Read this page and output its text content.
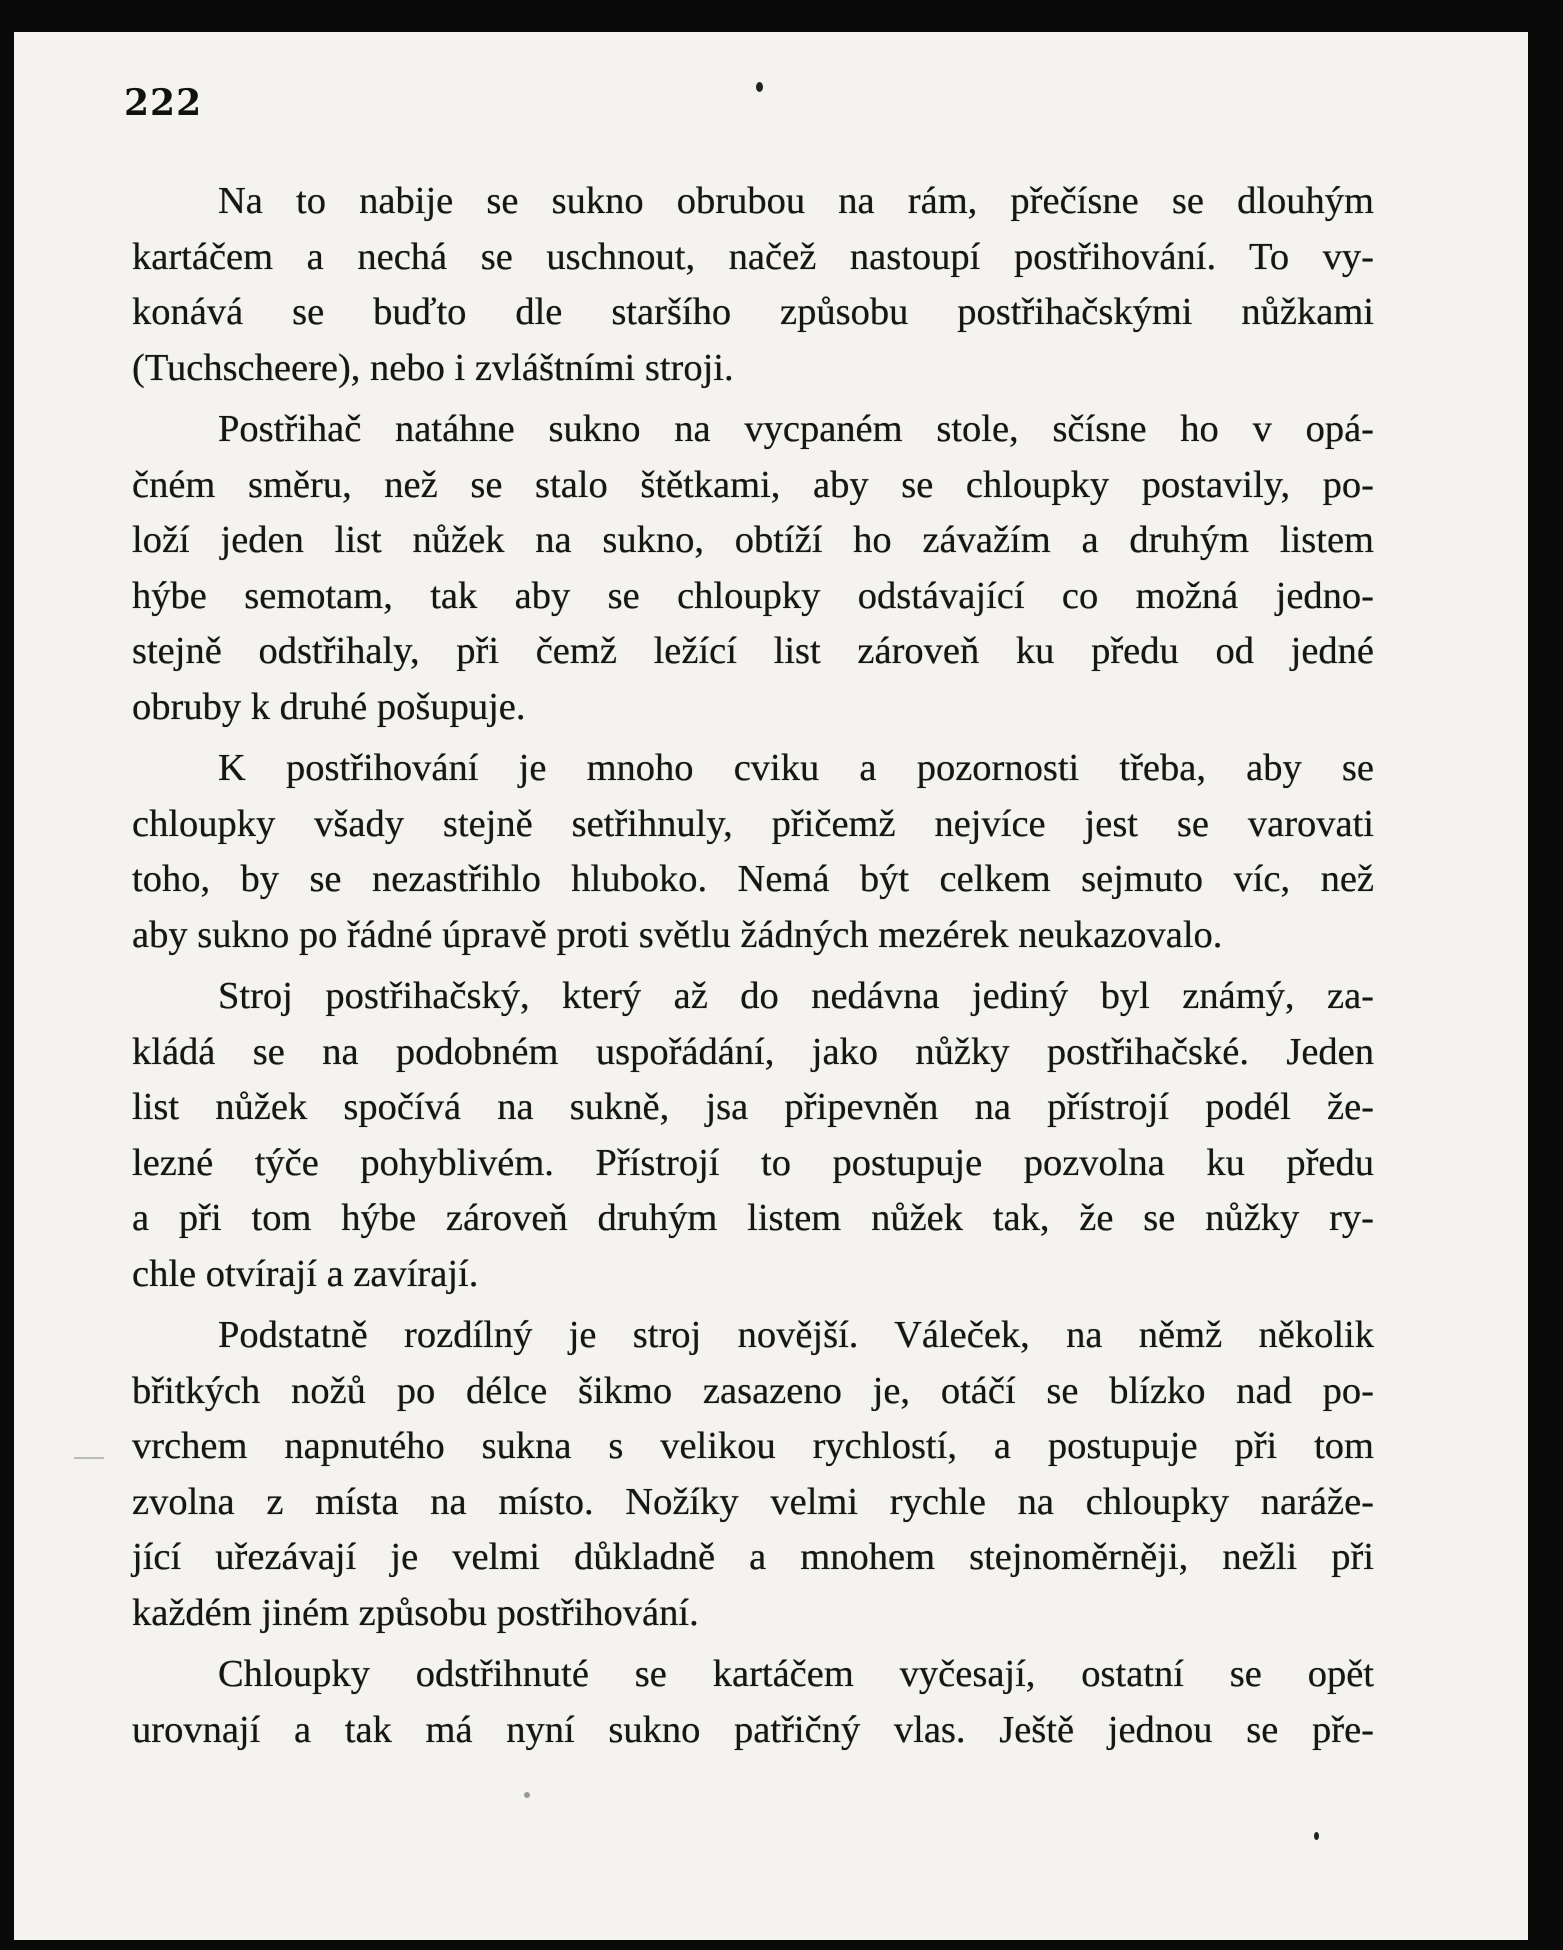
222

Na to nabije se sukno obrubou na rám, přečísne se dlouhým
kartáčem a nechá se uschnout, načež nastoupí postřihování. To vy-
konává se buďto dle staršího způsobu postřihačskými nůžkami
(Tuchscheere), nebo i zvláštními stroji.

Postřihač natáhne sukno na vycpaném stole, sčísne ho v opá-
čném směru, než se stalo štětkami, aby se chloupky postavily, po-
loží jeden list nůžek na sukno, obtíží ho závažím a druhým listem
hýbe semotam, tak aby se chloupky odstávající co možná jedno-
stejně odstřihaly, při čemž ležící list zároveň ku předu od jedné
obruby k druhé pošupuje.

K postřihování je mnoho cviku a pozornosti třeba, aby se
chloupky všady stejně setřihnuly, přičemž nejvíce jest se varovati
toho, by se nezastřihlo hluboko. Nemá být celkem sejmuto víc, než
aby sukno po řádné úpravě proti světlu žádných mezérek neukazovalo.

Stroj postřihačský, který až do nedávna jediný byl známý, za-
kládá se na podobném uspořádání, jako nůžky postřihačské. Jeden
list nůžek spočívá na sukně, jsa připevněn na přístrojí podél že-
lezné týče pohyblivém. Přístrojí to postupuje pozvolna ku předu
a při tom hýbe zároveň druhým listem nůžek tak, že se nůžky ry-
chle otvírají a zavírají.

Podstatně rozdílný je stroj novější. Váleček, na němž několik
břitkých nožů po délce šikmo zasazeno je, otáčí se blízko nad po-
vrchem napnutého sukna s velikou rychlostí, a postupuje při tom
zvolna z místa na místo. Nožíky velmi rychle na chloupky naráže-
jící uřezávají je velmi důkladně a mnohem stejnoměrněji, nežli při
každém jiném způsobu postřihování.

Chloupky odstřihnuté se kartáčem vyčesají, ostatní se opět
urovnají a tak má nyní sukno patřičný vlas. Ještě jednou se pře-
